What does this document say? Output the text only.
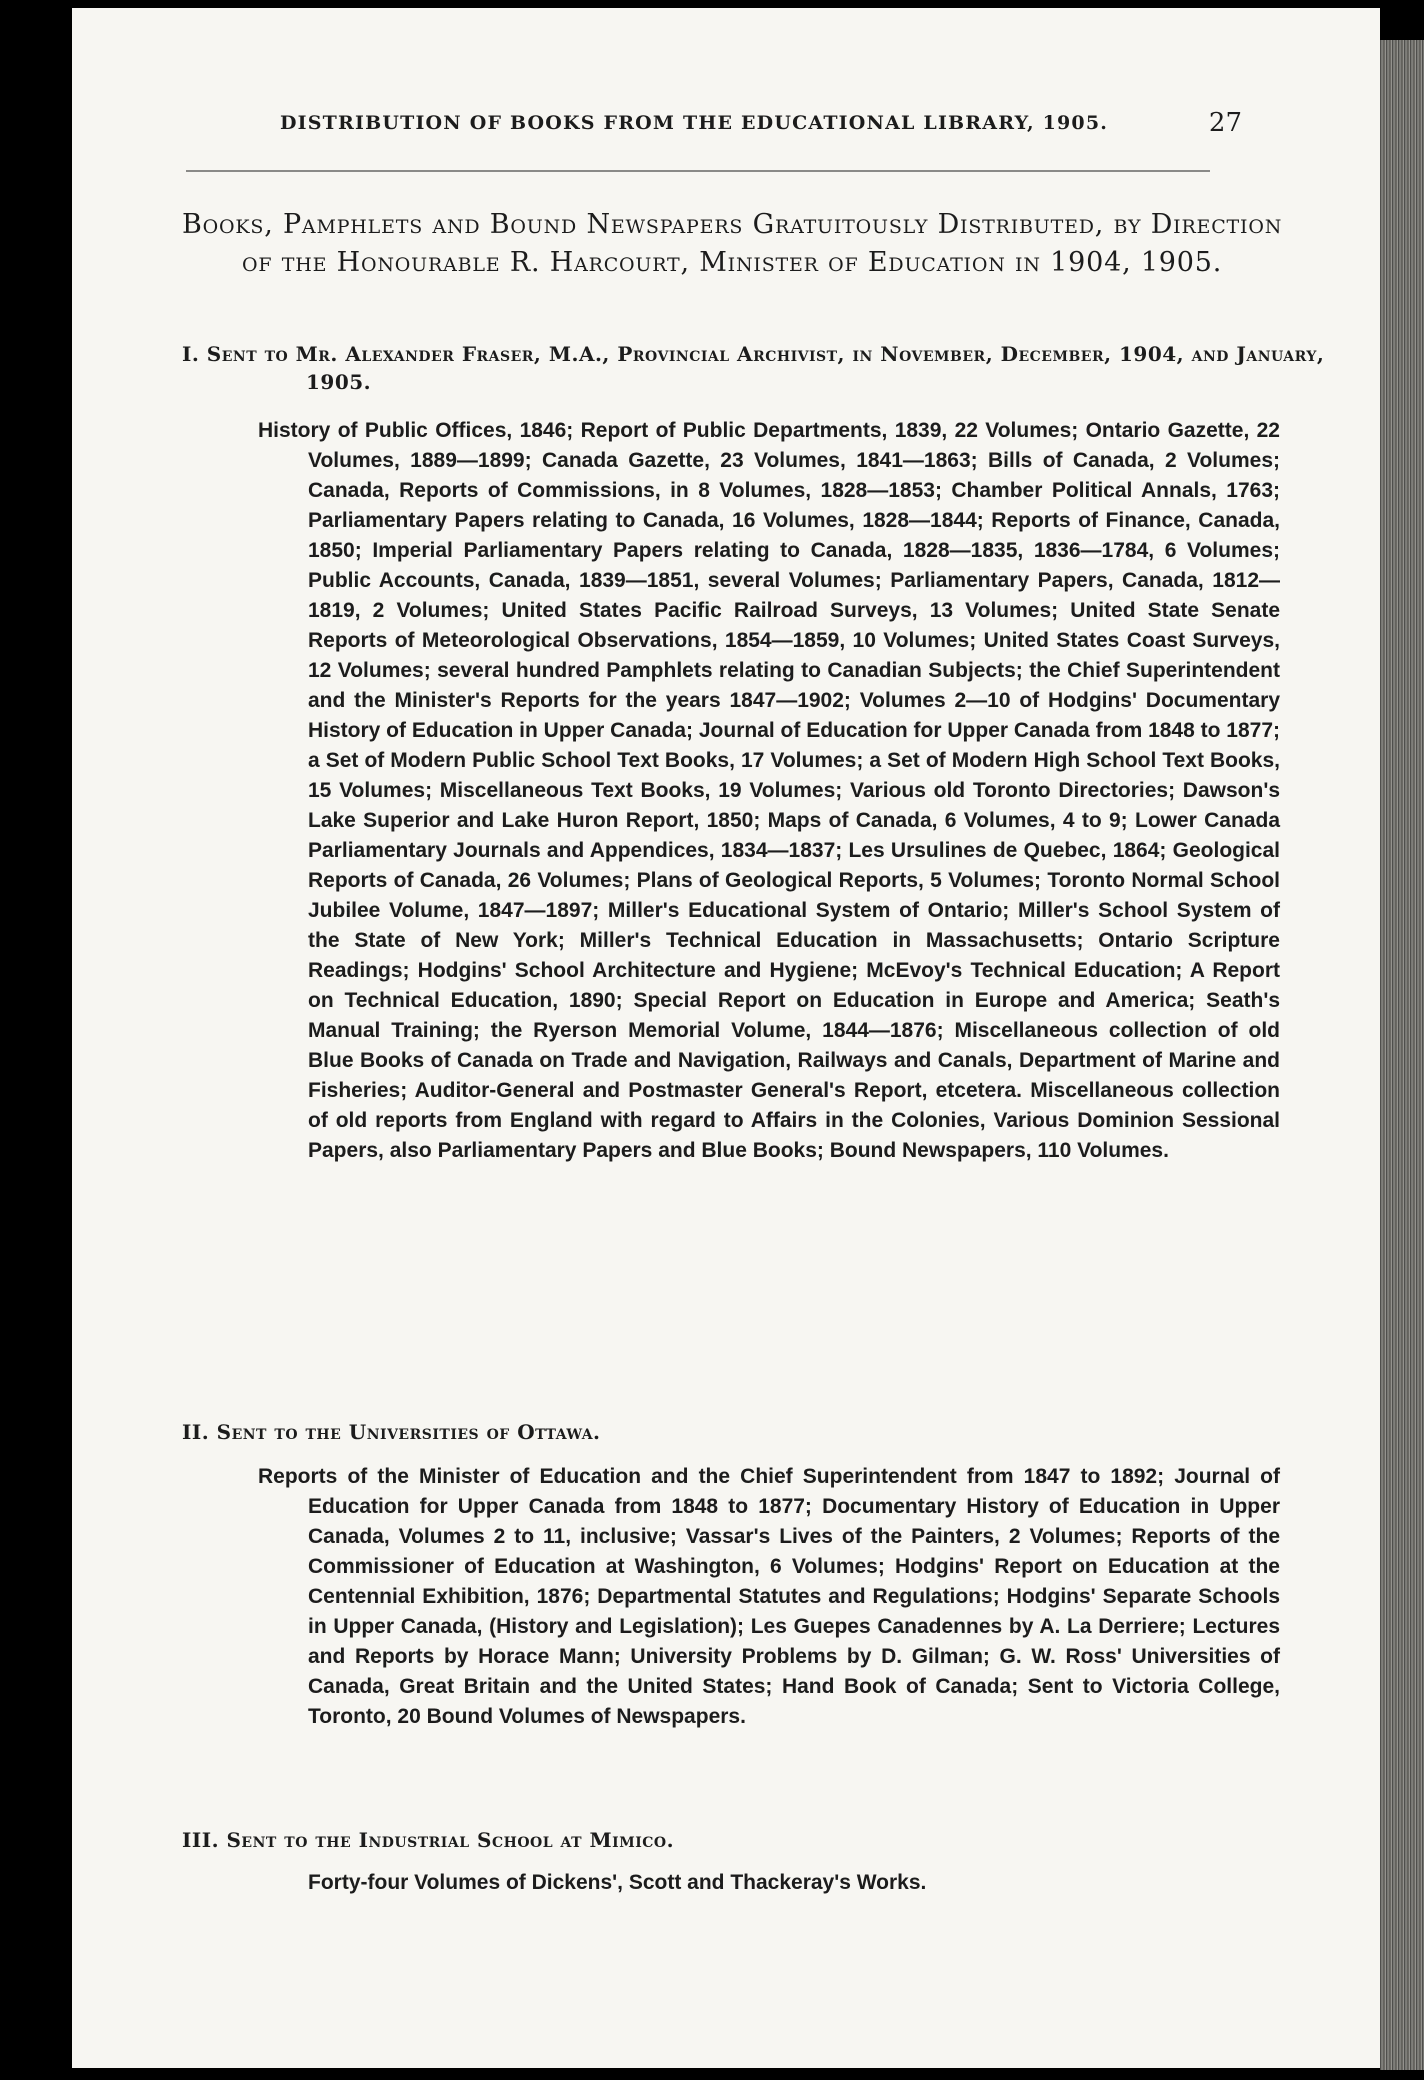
DISTRIBUTION OF BOOKS FROM THE EDUCATIONAL LIBRARY, 1905.	27
Books, Pamphlets and Bound Newspapers Gratuitously Distributed, by Direction of the Honourable R. Harcourt, Minister of Education in 1904, 1905.
I. Sent to Mr. Alexander Fraser, M.A., Provincial Archivist, in November, December, 1904, and January, 1905.
History of Public Offices, 1846; Report of Public Departments, 1839, 22 Volumes; Ontario Gazette, 22 Volumes, 1889—1899; Canada Gazette, 23 Volumes, 1841—1863; Bills of Canada, 2 Volumes; Canada, Reports of Commissions, in 8 Volumes, 1828—1853; Chamber Political Annals, 1763; Parliamentary Papers relating to Canada, 16 Volumes, 1828—1844; Reports of Finance, Canada, 1850; Imperial Parliamentary Papers relating to Canada, 1828—1835, 1836—1784, 6 Volumes; Public Accounts, Canada, 1839—1851, several Volumes; Parliamentary Papers, Canada, 1812—1819, 2 Volumes; United States Pacific Railroad Surveys, 13 Volumes; United State Senate Reports of Meteorological Observations, 1854—1859, 10 Volumes; United States Coast Surveys, 12 Volumes; several hundred Pamphlets relating to Canadian Subjects; the Chief Superintendent and the Minister's Reports for the years 1847—1902; Volumes 2—10 of Hodgins' Documentary History of Education in Upper Canada; Journal of Education for Upper Canada from 1848 to 1877; a Set of Modern Public School Text Books, 17 Volumes; a Set of Modern High School Text Books, 15 Volumes; Miscellaneous Text Books, 19 Volumes; Various old Toronto Directories; Dawson's Lake Superior and Lake Huron Report, 1850; Maps of Canada, 6 Volumes, 4 to 9; Lower Canada Parliamentary Journals and Appendices, 1834—1837; Les Ursulines de Quebec, 1864; Geological Reports of Canada, 26 Volumes; Plans of Geological Reports, 5 Volumes; Toronto Normal School Jubilee Volume, 1847—1897; Miller's Educational System of Ontario; Miller's School System of the State of New York; Miller's Technical Education in Massachusetts; Ontario Scripture Readings; Hodgins' School Architecture and Hygiene; McEvoy's Technical Education; A Report on Technical Education, 1890; Special Report on Education in Europe and America; Seath's Manual Training; the Ryerson Memorial Volume, 1844—1876; Miscellaneous collection of old Blue Books of Canada on Trade and Navigation, Railways and Canals, Department of Marine and Fisheries; Auditor-General and Postmaster General's Report, etcetera. Miscellaneous collection of old reports from England with regard to Affairs in the Colonies, Various Dominion Sessional Papers, also Parliamentary Papers and Blue Books; Bound Newspapers, 110 Volumes.
II. Sent to the Universities of Ottawa.
Reports of the Minister of Education and the Chief Superintendent from 1847 to 1892; Journal of Education for Upper Canada from 1848 to 1877; Documentary History of Education in Upper Canada, Volumes 2 to 11, inclusive; Vassar's Lives of the Painters, 2 Volumes; Reports of the Commissioner of Education at Washington, 6 Volumes; Hodgins' Report on Education at the Centennial Exhibition, 1876; Departmental Statutes and Regulations; Hodgins' Separate Schools in Upper Canada, (History and Legislation); Les Guepes Canadennes by A. La Derriere; Lectures and Reports by Horace Mann; University Problems by D. Gilman; G. W. Ross' Universities of Canada, Great Britain and the United States; Hand Book of Canada; Sent to Victoria College, Toronto, 20 Bound Volumes of Newspapers.
III. Sent to the Industrial School at Mimico.
Forty-four Volumes of Dickens', Scott and Thackeray's Works.
